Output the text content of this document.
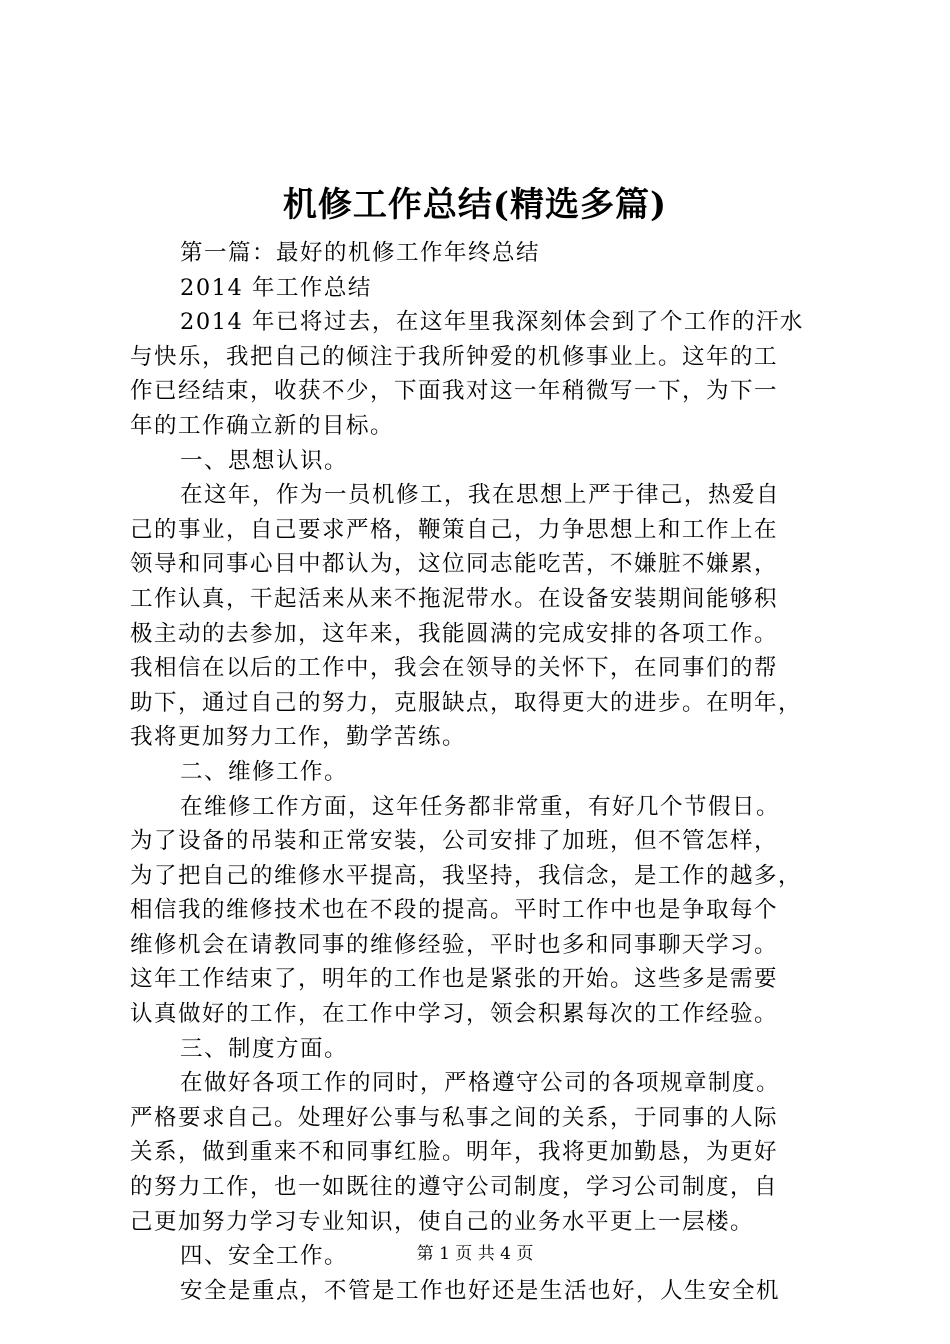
机修工作总结(精选多篇)
第一篇：最好的机修工作年终总结
2014 年工作总结
2014 年已将过去，在这年里我深刻体会到了个工作的汗水
与快乐，我把自己的倾注于我所钟爱的机修事业上。这年的工
作已经结束，收获不少，下面我对这一年稍微写一下，为下一
年的工作确立新的目标。
一、思想认识。
在这年，作为一员机修工，我在思想上严于律己，热爱自
己的事业，自己要求严格，鞭策自己，力争思想上和工作上在
领导和同事心目中都认为，这位同志能吃苦，不嫌脏不嫌累，
工作认真，干起活来从来不拖泥带水。在设备安装期间能够积
极主动的去参加，这年来，我能圆满的完成安排的各项工作。
我相信在以后的工作中，我会在领导的关怀下，在同事们的帮
助下，通过自己的努力，克服缺点，取得更大的进步。在明年，
我将更加努力工作，勤学苦练。
二、维修工作。
在维修工作方面，这年任务都非常重，有好几个节假日。
为了设备的吊装和正常安装，公司安排了加班，但不管怎样，
为了把自己的维修水平提高，我坚持，我信念，是工作的越多，
相信我的维修技术也在不段的提高。平时工作中也是争取每个
维修机会在请教同事的维修经验，平时也多和同事聊天学习。
这年工作结束了，明年的工作也是紧张的开始。这些多是需要
认真做好的工作，在工作中学习，领会积累每次的工作经验。
三、制度方面。
在做好各项工作的同时，严格遵守公司的各项规章制度。
严格要求自己。处理好公事与私事之间的关系，于同事的人际
关系，做到重来不和同事红脸。明年，我将更加勤恳，为更好
的努力工作，也一如既往的遵守公司制度，学习公司制度，自
己更加努力学习专业知识，使自己的业务水平更上一层楼。
四、安全工作。
安全是重点，不管是工作也好还是生活也好，人生安全机
第 1 页 共 4 页
